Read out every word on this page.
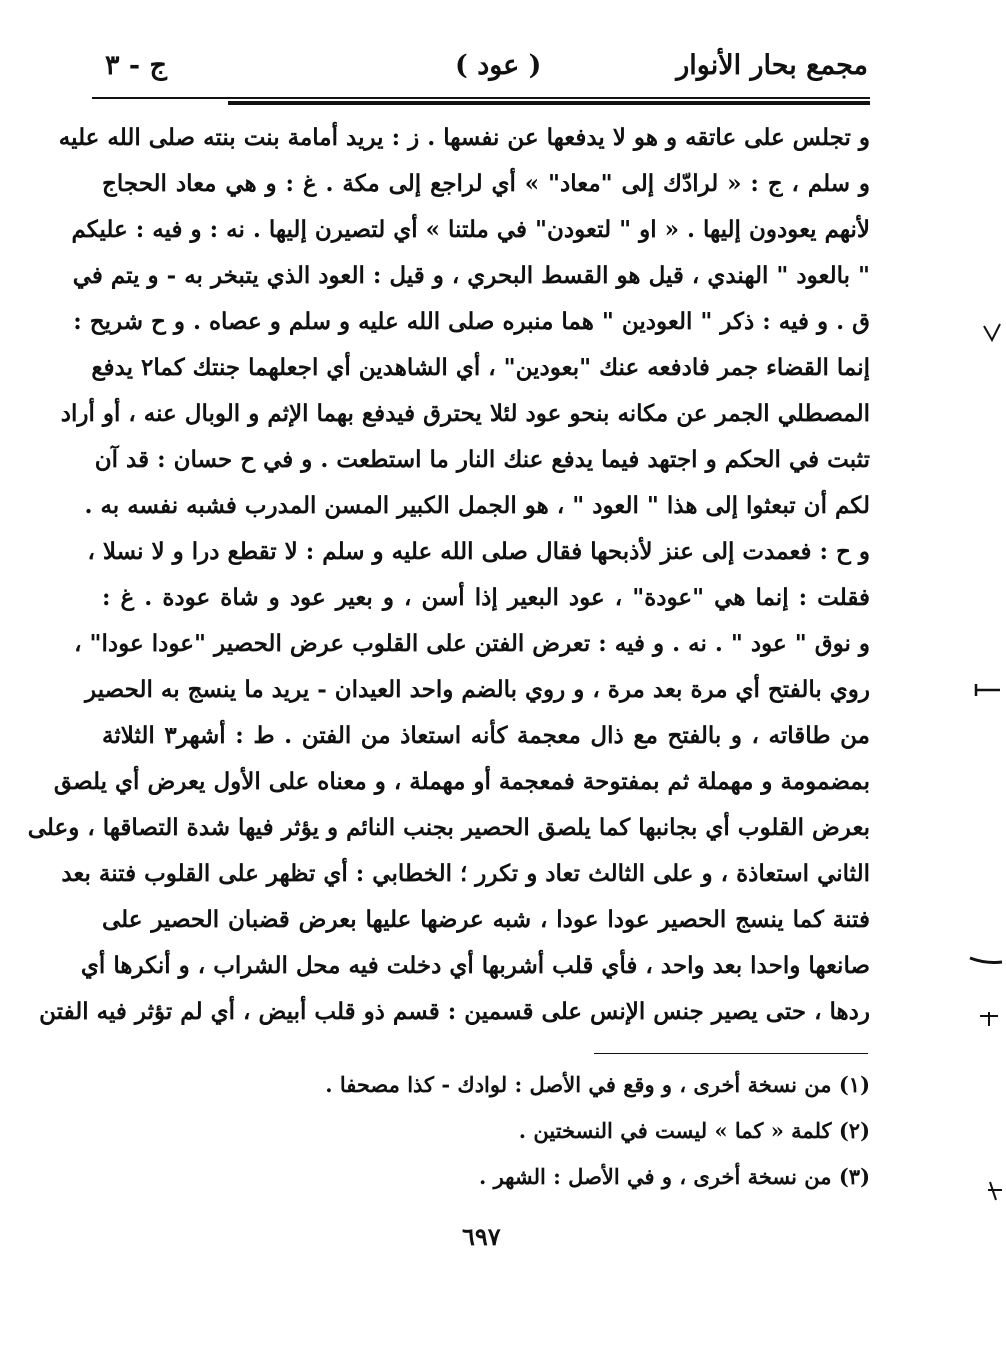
مجمع بحار الأنوار
( عود )
ج - ٣
و تجلس على عاتقه و هو لا يدفعها عن نفسها . ز : يريد أمامة بنت بنته صلى الله عليه
و سلم ، ج : « لرادّك إلى "معاد" » أي لراجع إلى مكة . غ : و هي معاد الحجاج
لأنهم يعودون إليها . « او " لتعودن" في ملتنا » أي لتصيرن إليها . نه : و فيه : عليكم
" بالعود " الهندي ، قيل هو القسط البحري ، و قيل : العود الذي يتبخر به - و يتم في
ق . و فيه : ذكر " العودين " هما منبره صلى الله عليه و سلم و عصاه . و ح شريح :
إنما القضاء جمر فادفعه عنك "بعودين" ، أي الشاهدين أي اجعلهما جنتك كما٢ يدفع
المصطلي الجمر عن مكانه بنحو عود لئلا يحترق فيدفع بهما الإثم و الوبال عنه ، أو أراد
تثبت في الحكم و اجتهد فيما يدفع عنك النار ما استطعت . و في ح حسان : قد آن
لكم أن تبعثوا إلى هذا " العود " ، هو الجمل الكبير المسن المدرب فشبه نفسه به .
و ح : فعمدت إلى عنز لأذبحها فقال صلى الله عليه و سلم : لا تقطع درا و لا نسلا ،
فقلت : إنما هي "عودة" ، عود البعير إذا أسن ، و بعير عود و شاة عودة . غ :
و نوق " عود " . نه . و فيه : تعرض الفتن على القلوب عرض الحصير "عودا عودا" ،
روي بالفتح أي مرة بعد مرة ، و روي بالضم واحد العيدان - يريد ما ينسج به الحصير
من طاقاته ، و بالفتح مع ذال معجمة كأنه استعاذ من الفتن . ط : أشهر٣ الثلاثة
بمضمومة و مهملة ثم بمفتوحة فمعجمة أو مهملة ، و معناه على الأول يعرض أي يلصق
بعرض القلوب أي بجانبها كما يلصق الحصير بجنب النائم و يؤثر فيها شدة التصاقها ، وعلى
الثاني استعاذة ، و على الثالث تعاد و تكرر ؛ الخطابي : أي تظهر على القلوب فتنة بعد
فتنة كما ينسج الحصير عودا عودا ، شبه عرضها عليها بعرض قضبان الحصير على
صانعها واحدا بعد واحد ، فأي قلب أشربها أي دخلت فيه محل الشراب ، و أنكرها أي
ردها ، حتى يصير جنس الإنس على قسمين : قسم ذو قلب أبيض ، أي لم تؤثر فيه الفتن
(١) من نسخة أخرى ، و وقع في الأصل : لوادك - كذا مصحفا .
(٢) كلمة « كما » ليست في النسختين .
(٣) من نسخة أخرى ، و في الأصل : الشهر .
٦٩٧
